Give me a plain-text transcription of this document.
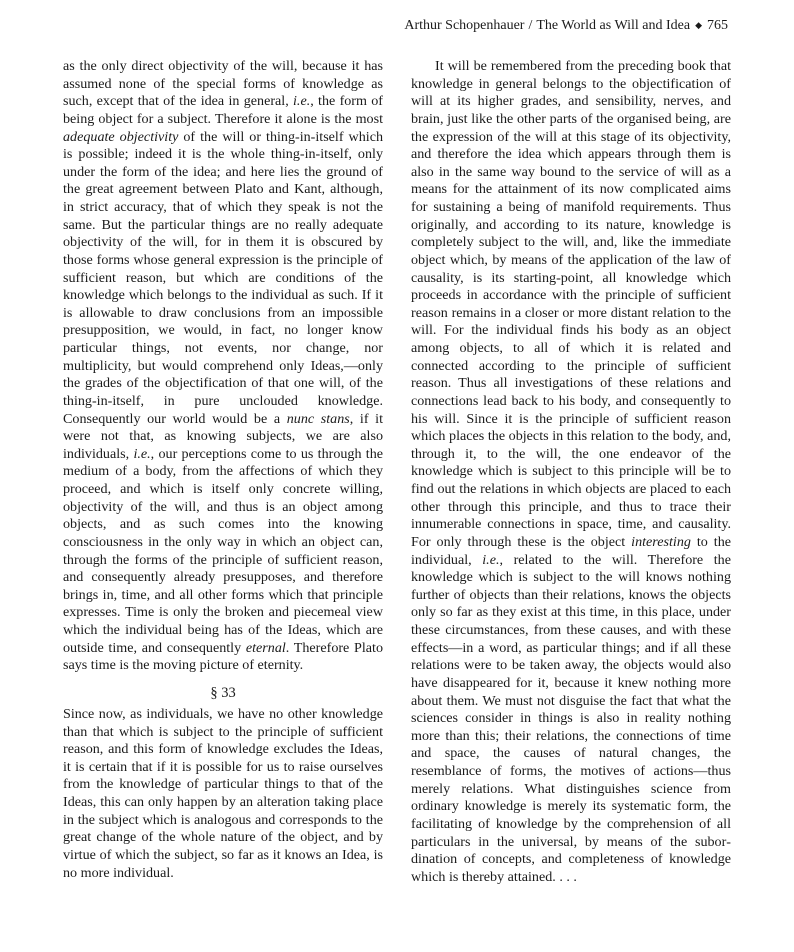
Arthur Schopenhauer / The World as Will and Idea ◆ 765

as the only direct objectivity of the will, because it has assumed none of the special forms of knowledge as such, except that of the idea in general, i.e., the form of being object for a subject. Therefore it alone is the most adequate objectivity of the will or thing-in-itself which is possible; indeed it is the whole thing-in-itself, only under the form of the idea; and here lies the ground of the great agreement between Plato and Kant, although, in strict accuracy, that of which they speak is not the same. But the particular things are no really adequate objectivity of the will, for in them it is obscured by those forms whose general expression is the principle of sufficient reason, but which are conditions of the knowledge which belongs to the individual as such. If it is allowable to draw conclusions from an impossible presupposition, we would, in fact, no longer know particular things, not events, nor change, nor multiplicity, but would comprehend only Ideas,—only the grades of the objectification of that one will, of the thing-in-itself, in pure unclouded knowledge. Consequently our world would be a nunc stans, if it were not that, as knowing subjects, we are also individuals, i.e., our perceptions come to us through the medium of a body, from the affections of which they proceed, and which is itself only concrete willing, objectivity of the will, and thus is an object among objects, and as such comes into the knowing consciousness in the only way in which an object can, through the forms of the principle of sufficient reason, and consequently already presupposes, and therefore brings in, time, and all other forms which that principle expresses. Time is only the broken and piecemeal view which the individual being has of the Ideas, which are outside time, and consequently eternal. Therefore Plato says time is the moving picture of eternity.

§ 33

Since now, as individuals, we have no other knowledge than that which is subject to the principle of sufficient reason, and this form of knowledge excludes the Ideas, it is certain that if it is possible for us to raise ourselves from the knowledge of particular things to that of the Ideas, this can only happen by an alteration taking place in the subject which is analogous and corresponds to the great change of the whole nature of the object, and by virtue of which the subject, so far as it knows an Idea, is no more individual.

It will be remembered from the preceding book that knowledge in general belongs to the objectification of will at its higher grades, and sensibility, nerves, and brain, just like the other parts of the organised being, are the expression of the will at this stage of its objectivity, and therefore the idea which appears through them is also in the same way bound to the service of will as a means for the attainment of its now complicated aims for sustaining a being of manifold requirements. Thus originally, and according to its nature, knowledge is completely subject to the will, and, like the immediate object which, by means of the application of the law of causality, is its starting-point, all knowledge which proceeds in accordance with the principle of sufficient reason remains in a closer or more distant relation to the will. For the individual finds his body as an object among objects, to all of which it is related and connected according to the principle of sufficient reason. Thus all investigations of these relations and connections lead back to his body, and consequently to his will. Since it is the principle of sufficient reason which places the objects in this relation to the body, and, through it, to the will, the one endeavor of the knowledge which is subject to this principle will be to find out the relations in which objects are placed to each other through this principle, and thus to trace their innumerable connections in space, time, and causality. For only through these is the object interesting to the individual, i.e., related to the will. Therefore the knowledge which is subject to the will knows nothing further of objects than their relations, knows the objects only so far as they exist at this time, in this place, under these circumstances, from these causes, and with these effects—in a word, as particular things; and if all these relations were to be taken away, the objects would also have disappeared for it, because it knew nothing more about them. We must not disguise the fact that what the sciences consider in things is also in reality nothing more than this; their relations, the connections of time and space, the causes of natural changes, the resemblance of forms, the motives of actions—thus merely relations. What distinguishes science from ordinary knowledge is merely its systematic form, the facilitating of knowledge by the comprehension of all particulars in the universal, by means of the subordination of concepts, and completeness of knowledge which is thereby attained. . . .
